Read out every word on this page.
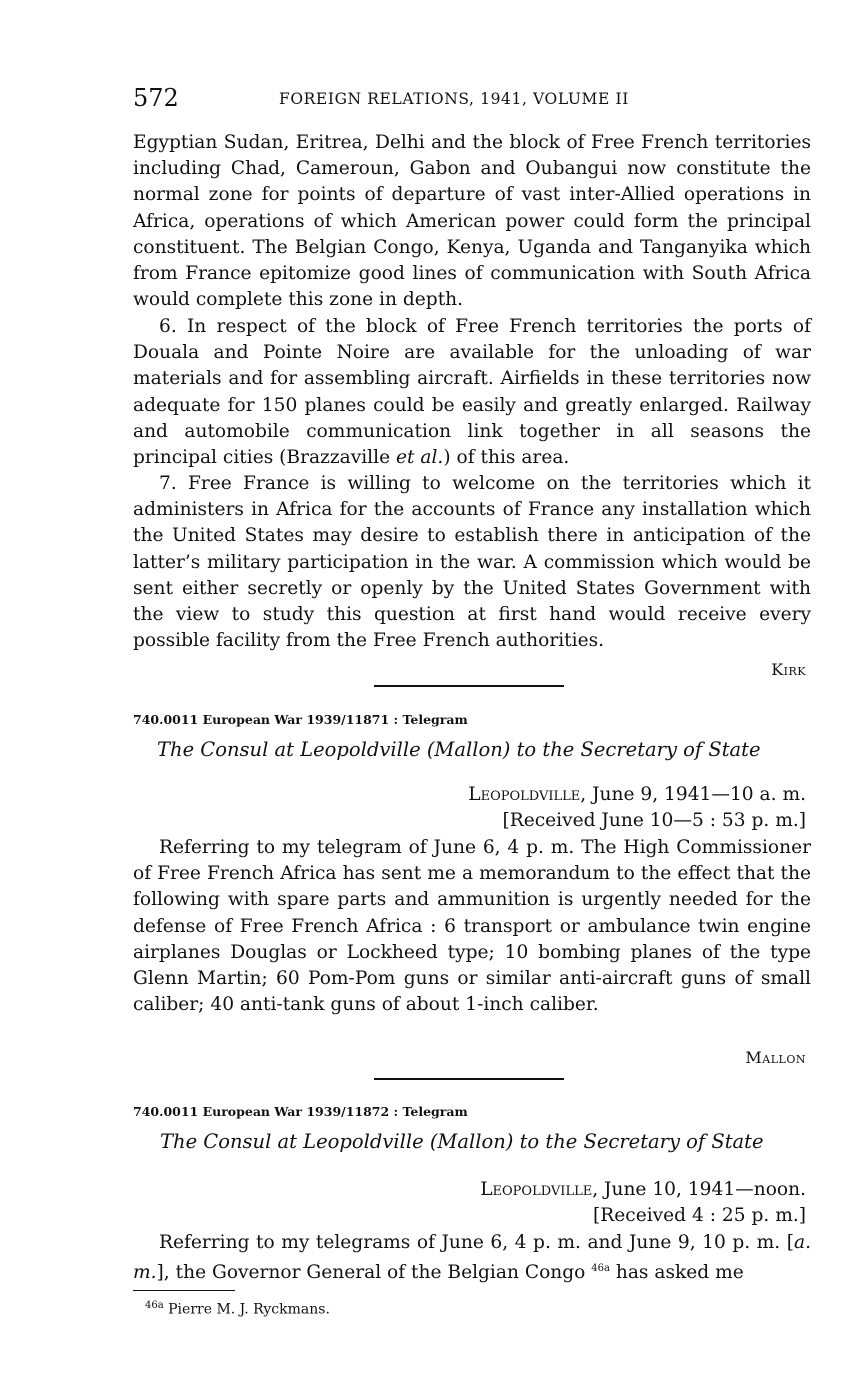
572	FOREIGN RELATIONS, 1941, VOLUME II

Egyptian Sudan, Eritrea, Delhi and the block of Free French territories including Chad, Cameroun, Gabon and Oubangui now constitute the normal zone for points of departure of vast inter-Allied operations in Africa, operations of which American power could form the principal constituent. The Belgian Congo, Kenya, Uganda and Tanganyika which from France epitomize good lines of communication with South Africa would complete this zone in depth.

6. In respect of the block of Free French territories the ports of Douala and Pointe Noire are available for the unloading of war materials and for assembling aircraft. Airfields in these territories now adequate for 150 planes could be easily and greatly enlarged. Railway and automobile communication link together in all seasons the principal cities (Brazzaville et al.) of this area.

7. Free France is willing to welcome on the territories which it administers in Africa for the accounts of France any installation which the United States may desire to establish there in anticipation of the latter’s military participation in the war. A commission which would be sent either secretly or openly by the United States Government with the view to study this question at first hand would receive every possible facility from the Free French authorities.

Kirk
740.0011 European War 1939/11871 : Telegram
The Consul at Leopoldville (Mallon) to the Secretary of State
Leopoldville, June 9, 1941—10 a. m.
[Received June 10—5 : 53 p. m.]

Referring to my telegram of June 6, 4 p. m. The High Commissioner of Free French Africa has sent me a memorandum to the effect that the following with spare parts and ammunition is urgently needed for the defense of Free French Africa : 6 transport or ambulance twin engine airplanes Douglas or Lockheed type; 10 bombing planes of the type Glenn Martin; 60 Pom-Pom guns or similar anti-aircraft guns of small caliber; 40 anti-tank guns of about 1-inch caliber.

Mallon
740.0011 European War 1939/11872 : Telegram
The Consul at Leopoldville (Mallon) to the Secretary of State
Leopoldville, June 10, 1941—noon.
[Received 4 : 25 p. m.]

Referring to my telegrams of June 6, 4 p. m. and June 9, 10 p. m. [a. m.], the Governor General of the Belgian Congo $^{46a}$ has asked me

$^{46a}$ Pierre M. J. Ryckmans.
